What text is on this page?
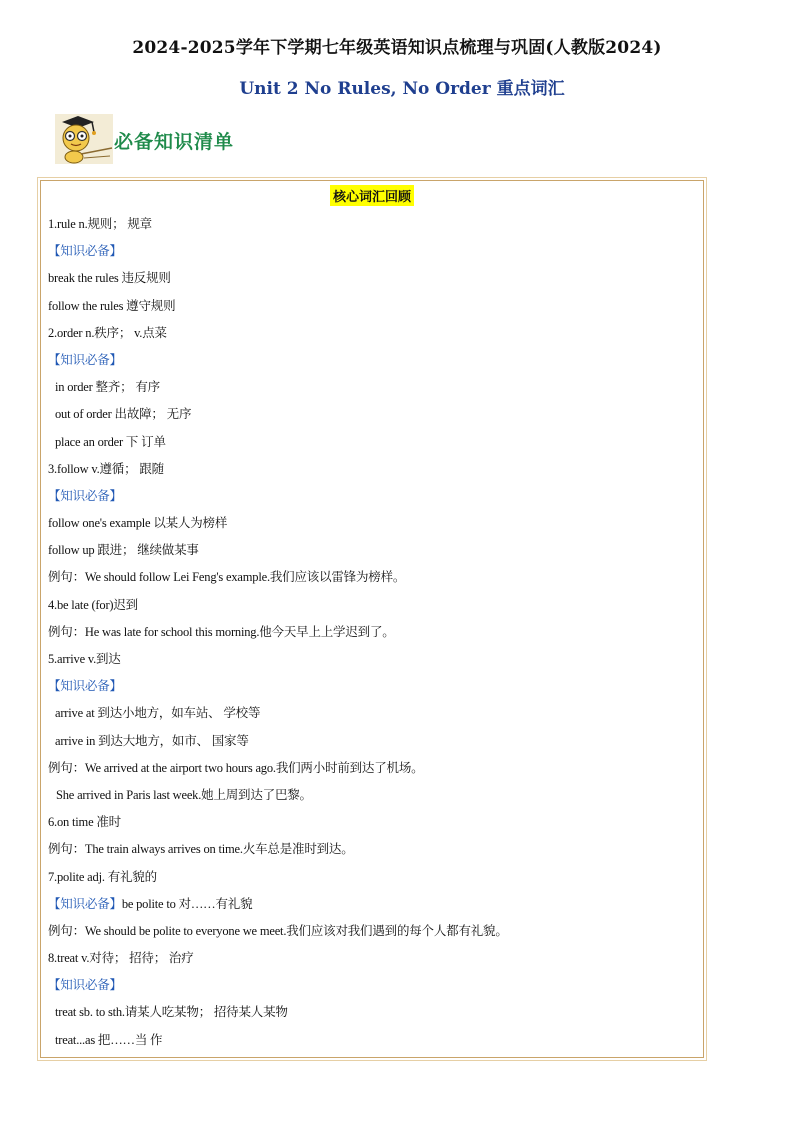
2024-2025学年下学期七年级英语知识点梳理与巩固(人教版2024)
Unit 2 No Rules, No Order 重点词汇
必备知识清单
核心词汇回顾
1.rule n.规则； 规章
【知识必备】
break the rules 违反规则
follow the rules 遵守规则
2.order n.秩序； v.点菜
【知识必备】
in order 整齐； 有序
out of order 出故障； 无序
place an order 下 订单
3.follow v.遵循； 跟随
【知识必备】
follow one's example 以某人为榜样
follow up 跟进； 继续做某事
例句：We should follow Lei Feng's example.我们应该以雷锋为榜样。
4.be late (for)迟到
例句：He was late for school this morning.他今天早上上学迟到了。
5.arrive v.到达
【知识必备】
arrive at 到达小地方，如车站、 学校等
arrive in 到达大地方，如市、 国家等
例句：We arrived at the airport two hours ago.我们两小时前到达了机场。
She arrived in Paris last week.她上周到达了巴黎。
6.on time 准时
例句：The train always arrives on time.火车总是准时到达。
7.polite adj. 有礼貌的
【知识必备】be polite to 对……有礼貌
例句：We should be polite to everyone we meet.我们应该对我们遇到的每个人都有礼貌。
8.treat v.对待； 招待； 治疗
【知识必备】
treat sb. to sth.请某人吃某物； 招待某人某物
treat...as 把……当 作
